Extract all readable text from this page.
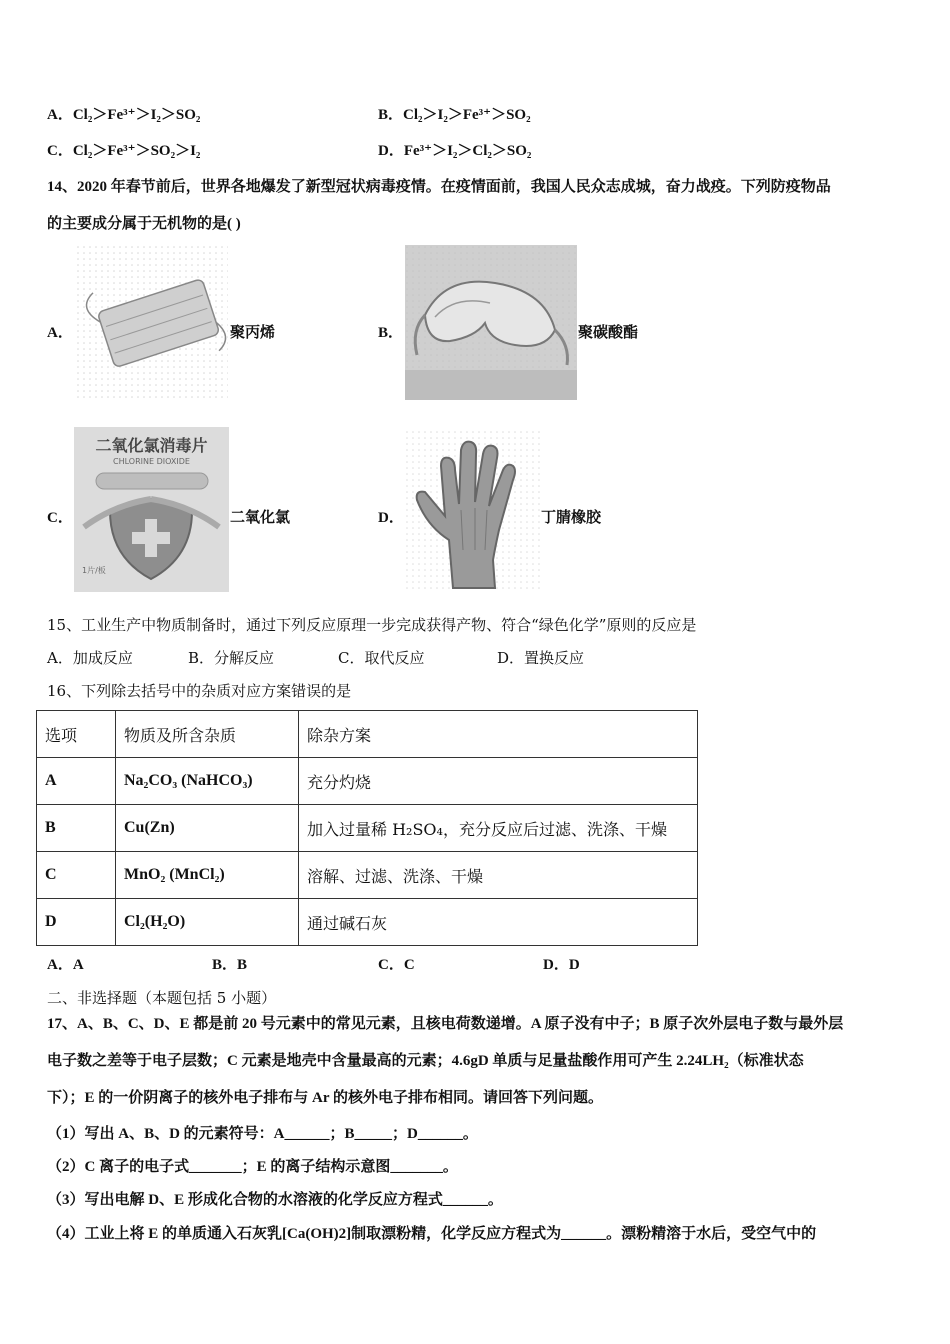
A．Cl₂＞Fe³⁺＞I₂＞SO₂	B．Cl₂＞I₂＞Fe³⁺＞SO₂
C．Cl₂＞Fe³⁺＞SO₂＞I₂	D．Fe³⁺＞I₂＞Cl₂＞SO₂
14、2020 年春节前后，世界各地爆发了新型冠状病毒疫情。在疫情面前，我国人民众志成城，奋力战疫。下列防疫物品
的主要成分属于无机物的是( )
A．	聚丙烯	B．	聚碳酸酯
C．
二氧化氯消毒片
CHLORINE DIOXIDE
1片/板
二氧化氯	D．	丁腈橡胶
15、工业生产中物质制备时，通过下列反应原理一步完成获得产物、符合“绿色化学”原则的反应是
A．加成反应	B．分解反应	C．取代反应	D．置换反应
16、下列除去括号中的杂质对应方案错误的是
选项	物质及所含杂质	除杂方案
A	Na₂CO₃ (NaHCO₃)	充分灼烧
B	Cu(Zn)	加入过量稀 H₂SO₄，充分反应后过滤、洗涤、干燥
C	MnO₂ (MnCl₂)	溶解、过滤、洗涤、干燥
D	Cl₂(H₂O)	通过碱石灰
A．A	B．B	C．C	D．D
二、非选择题（本题包括 5 小题）
17、A、B、C、D、E 都是前 20 号元素中的常见元素，且核电荷数递增。A 原子没有中子；B 原子次外层电子数与最外层
电子数之差等于电子层数；C 元素是地壳中含量最高的元素；4.6gD 单质与足量盐酸作用可产生 2.24LH₂（标准状态
下）；E 的一价阴离子的核外电子排布与 Ar 的核外电子排布相同。请回答下列问题。
（1）写出 A、B、D 的元素符号：A______；B_____；D______。
（2）C 离子的电子式_______；E 的离子结构示意图_______。
（3）写出电解 D、E 形成化合物的水溶液的化学反应方程式______。
（4）工业上将 E 的单质通入石灰乳[Ca(OH)2]制取漂粉精，化学反应方程式为______。漂粉精溶于水后，受空气中的
